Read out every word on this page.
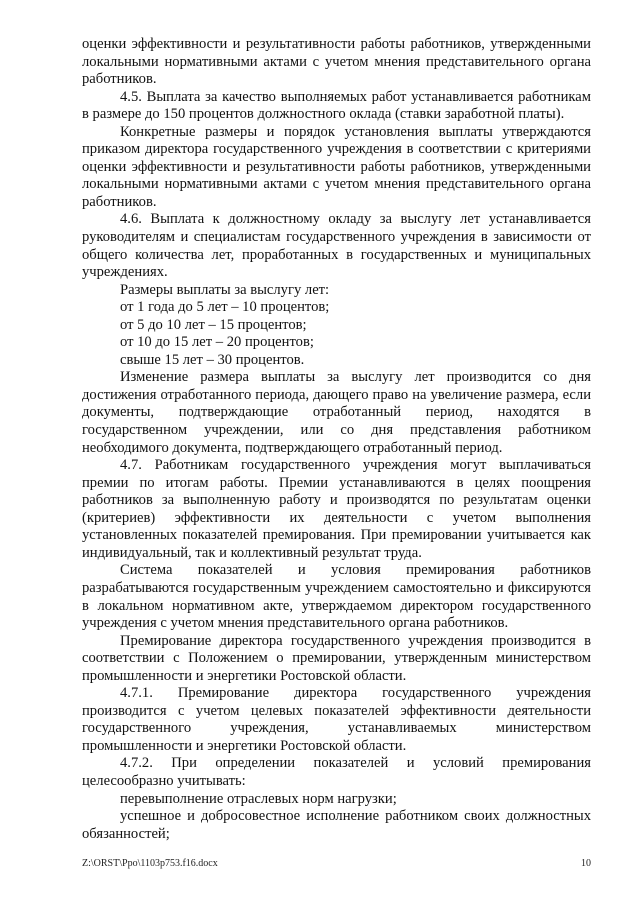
оценки эффективности и результативности работы работников, утвержденными локальными нормативными актами с учетом мнения представительного органа работников.

4.5. Выплата за качество выполняемых работ устанавливается работникам в размере до 150 процентов должностного оклада (ставки заработной платы).

Конкретные размеры и порядок установления выплаты утверждаются приказом директора государственного учреждения в соответствии с критериями оценки эффективности и результативности работы работников, утвержденными локальными нормативными актами с учетом мнения представительного органа работников.

4.6. Выплата к должностному окладу за выслугу лет устанавливается руководителям и специалистам государственного учреждения в зависимости от общего количества лет, проработанных в государственных и муниципальных учреждениях.

Размеры выплаты за выслугу лет:

от 1 года до 5 лет – 10 процентов;

от 5 до 10 лет – 15 процентов;

от 10 до 15 лет – 20 процентов;

свыше 15 лет – 30 процентов.

Изменение размера выплаты за выслугу лет производится со дня достижения отработанного периода, дающего право на увеличение размера, если документы, подтверждающие отработанный период, находятся в государственном учреждении, или со дня представления работником необходимого документа, подтверждающего отработанный период.

4.7. Работникам государственного учреждения могут выплачиваться премии по итогам работы. Премии устанавливаются в целях поощрения работников за выполненную работу и производятся по результатам оценки (критериев) эффективности их деятельности с учетом выполнения установленных показателей премирования. При премировании учитывается как индивидуальный, так и коллективный результат труда.

Система показателей и условия премирования работников разрабатываются государственным учреждением самостоятельно и фиксируются в локальном нормативном акте, утверждаемом директором государственного учреждения с учетом мнения представительного органа работников.

Премирование директора государственного учреждения производится в соответствии с Положением о премировании, утвержденным министерством промышленности и энергетики Ростовской области.

4.7.1. Премирование директора государственного учреждения производится с учетом целевых показателей эффективности деятельности государственного учреждения, устанавливаемых министерством промышленности и энергетики Ростовской области.

4.7.2. При определении показателей и условий премирования целесообразно учитывать:

перевыполнение отраслевых норм нагрузки;

успешное и добросовестное исполнение работником своих должностных обязанностей;

Z:\ORST\Ppo\1103p753.f16.docx	10
